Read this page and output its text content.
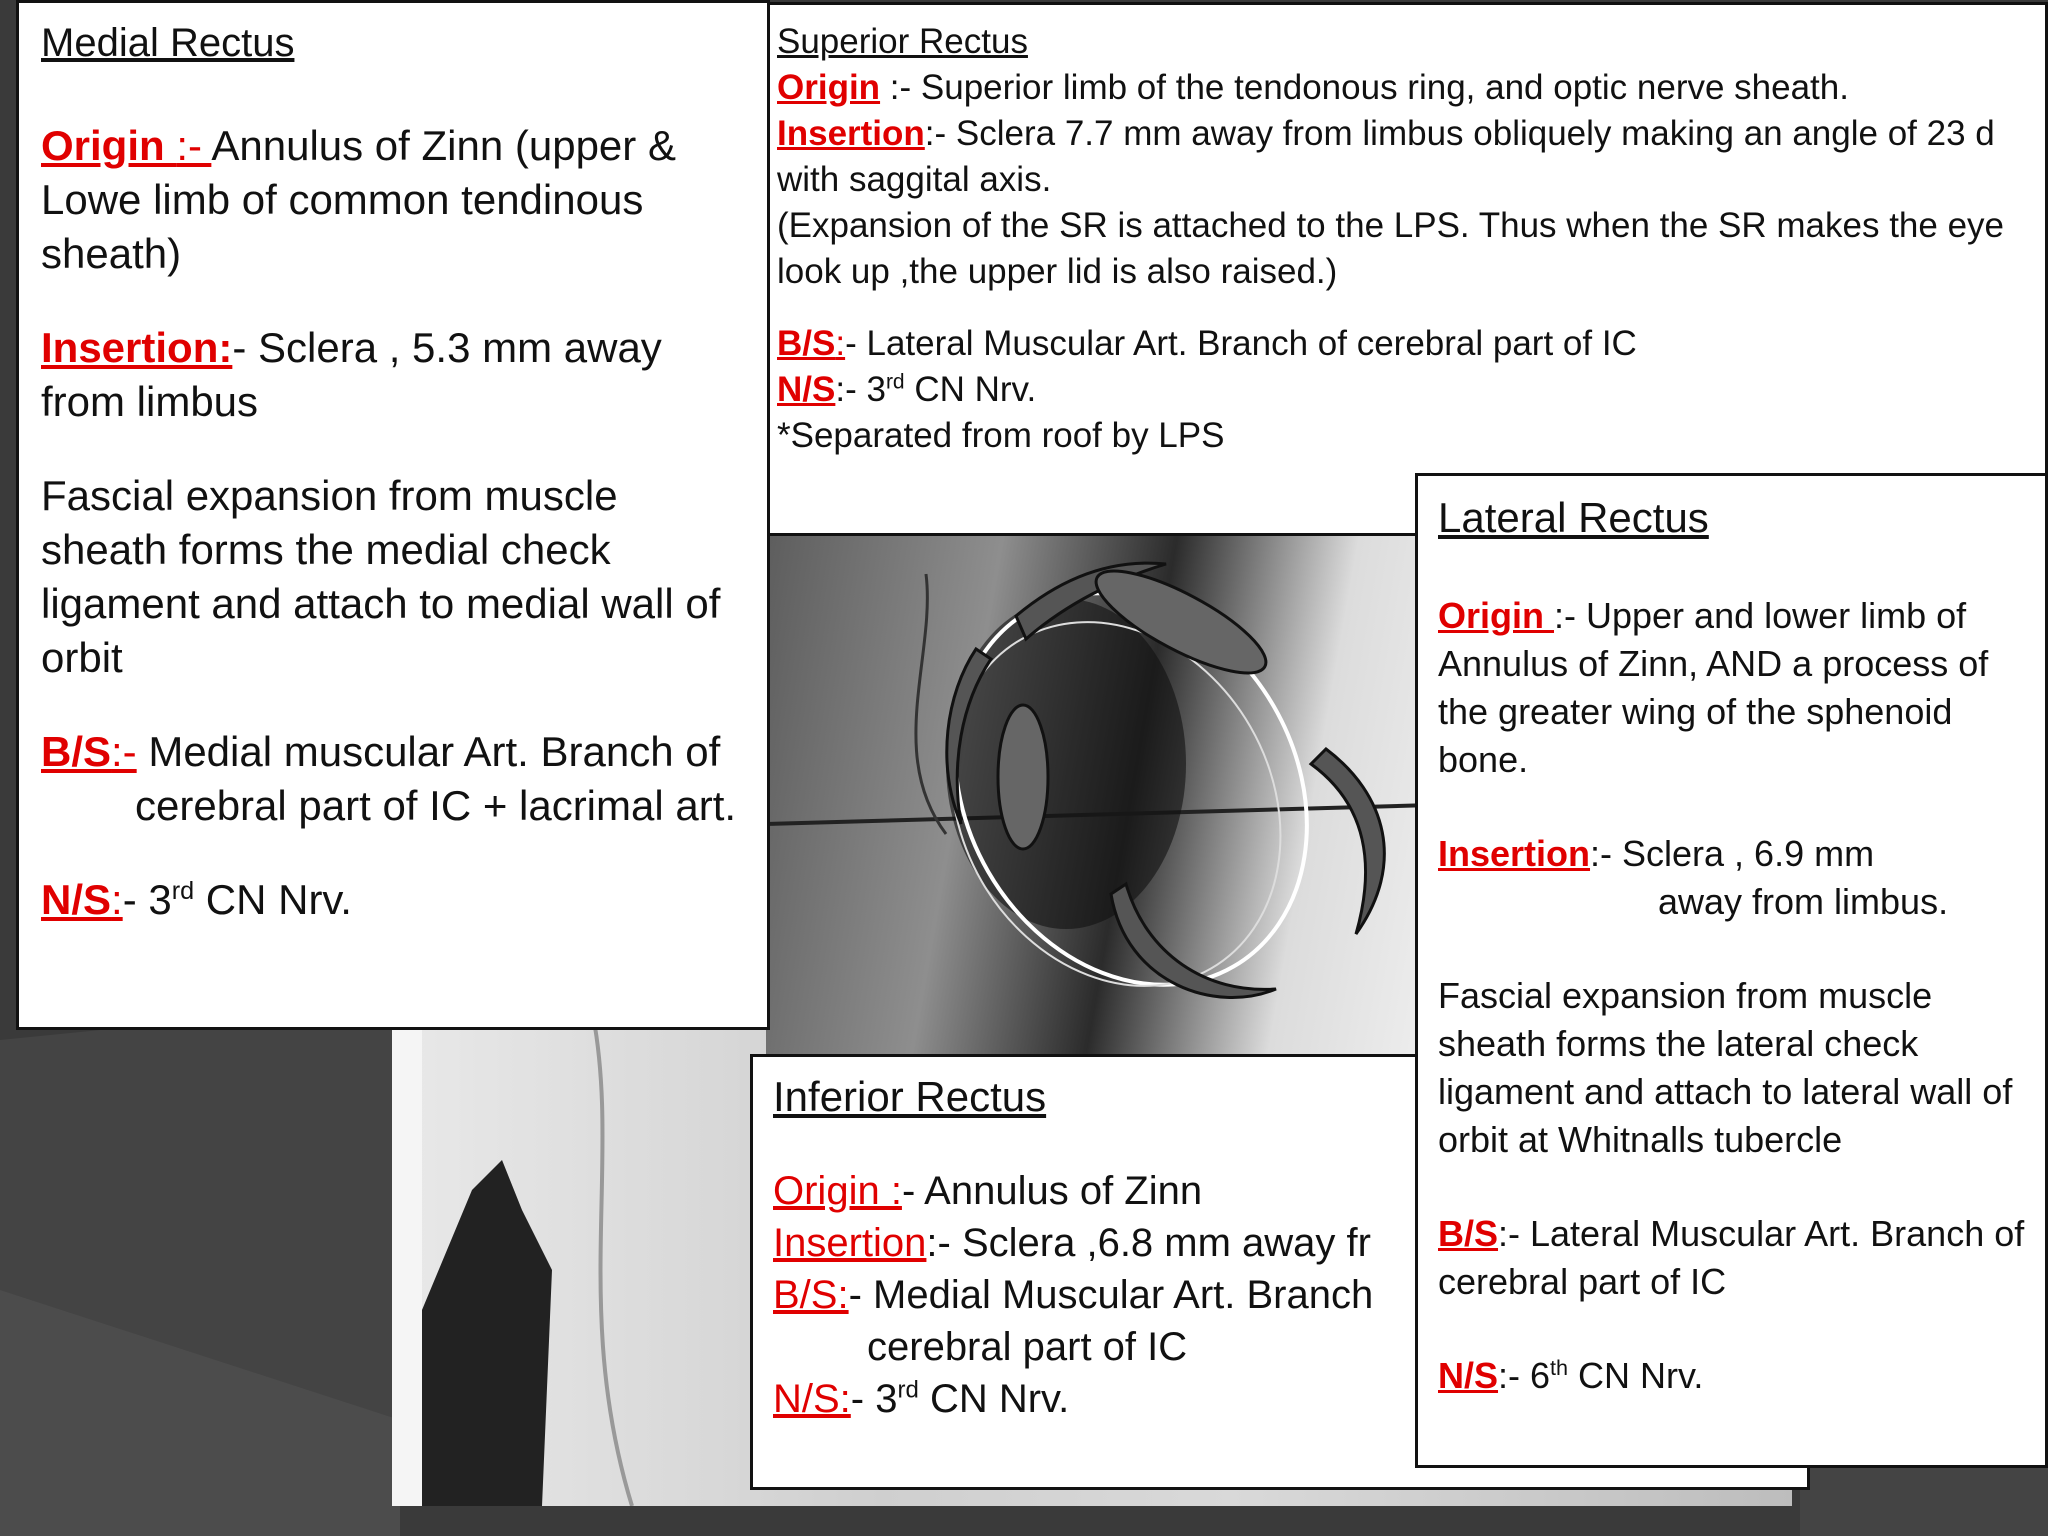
Superior Rectus

Origin :- Superior limb of the tendonous ring, and optic nerve sheath.

Insertion:- Sclera 7.7 mm away from limbus obliquely making an angle of 23 d with saggital axis.

(Expansion of the SR is attached to the LPS. Thus when the SR makes the eye look up ,the upper lid is also raised.)

B/S:- Lateral Muscular Art. Branch of cerebral part of IC

N/S:- 3rd CN Nrv.

*Separated from roof by LPS

Medial Rectus

Origin :- Annulus of Zinn (upper & Lowe limb of common tendinous sheath)

Insertion:- Sclera , 5.3 mm away from limbus

Fascial expansion from muscle sheath forms the medial check ligament and attach to medial wall of orbit

B/S:- Medial muscular Art. Branch of
cerebral part of IC + lacrimal art.

N/S:- 3rd CN Nrv.

Inferior Rectus

Origin :- Annulus of Zinn

Insertion:- Sclera ,6.8 mm away fr

B/S:- Medial Muscular Art. Branch
cerebral part of IC

N/S:- 3rd CN Nrv.

Lateral Rectus

Origin :- Upper and lower limb of Annulus of Zinn, AND a process of the greater wing of the sphenoid bone.

Insertion:- Sclera , 6.9 mm
away from limbus.

Fascial expansion from muscle sheath forms the lateral check ligament and attach to lateral wall of orbit at Whitnalls tubercle

B/S:- Lateral Muscular Art. Branch of cerebral part of IC

N/S:- 6th CN Nrv.
